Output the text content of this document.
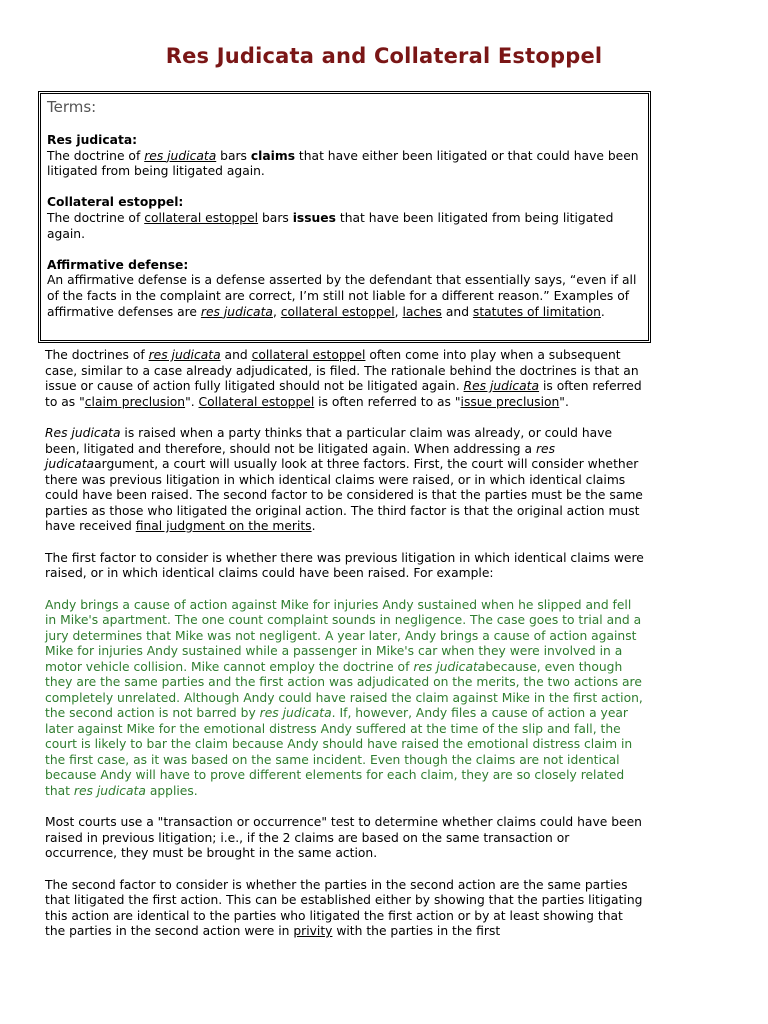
Res Judicata and Collateral Estoppel
Terms:
Res judicata:
The doctrine of res judicata bars claims that have either been litigated or that could have been litigated from being litigated again.
Collateral estoppel:
The doctrine of collateral estoppel bars issues that have been litigated from being litigated again.
Affirmative defense:
An affirmative defense is a defense asserted by the defendant that essentially says, “even if all of the facts in the complaint are correct, I’m still not liable for a different reason.” Examples of affirmative defenses are res judicata, collateral estoppel, laches and statutes of limitation.

The doctrines of res judicata and collateral estoppel often come into play when a subsequent case, similar to a case already adjudicated, is filed. The rationale behind the doctrines is that an issue or cause of action fully litigated should not be litigated again. Res judicata is often referred to as "claim preclusion". Collateral estoppel is often referred to as "issue preclusion".

Res judicata is raised when a party thinks that a particular claim was already, or could have been, litigated and therefore, should not be litigated again. When addressing a res judicataargument, a court will usually look at three factors. First, the court will consider whether there was previous litigation in which identical claims were raised, or in which identical claims could have been raised. The second factor to be considered is that the parties must be the same parties as those who litigated the original action. The third factor is that the original action must have received final judgment on the merits.

The first factor to consider is whether there was previous litigation in which identical claims were raised, or in which identical claims could have been raised. For example:

Andy brings a cause of action against Mike for injuries Andy sustained when he slipped and fell in Mike's apartment. The one count complaint sounds in negligence. The case goes to trial and a jury determines that Mike was not negligent. A year later, Andy brings a cause of action against Mike for injuries Andy sustained while a passenger in Mike's car when they were involved in a motor vehicle collision. Mike cannot employ the doctrine of res judicatabecause, even though they are the same parties and the first action was adjudicated on the merits, the two actions are completely unrelated. Although Andy could have raised the claim against Mike in the first action, the second action is not barred by res judicata. If, however, Andy files a cause of action a year later against Mike for the emotional distress Andy suffered at the time of the slip and fall, the court is likely to bar the claim because Andy should have raised the emotional distress claim in the first case, as it was based on the same incident. Even though the claims are not identical because Andy will have to prove different elements for each claim, they are so closely related that res judicata applies.

Most courts use a "transaction or occurrence" test to determine whether claims could have been raised in previous litigation; i.e., if the 2 claims are based on the same transaction or occurrence, they must be brought in the same action.

The second factor to consider is whether the parties in the second action are the same parties that litigated the first action. This can be established either by showing that the parties litigating this action are identical to the parties who litigated the first action or by at least showing that the parties in the second action were in privity with the parties in the first
